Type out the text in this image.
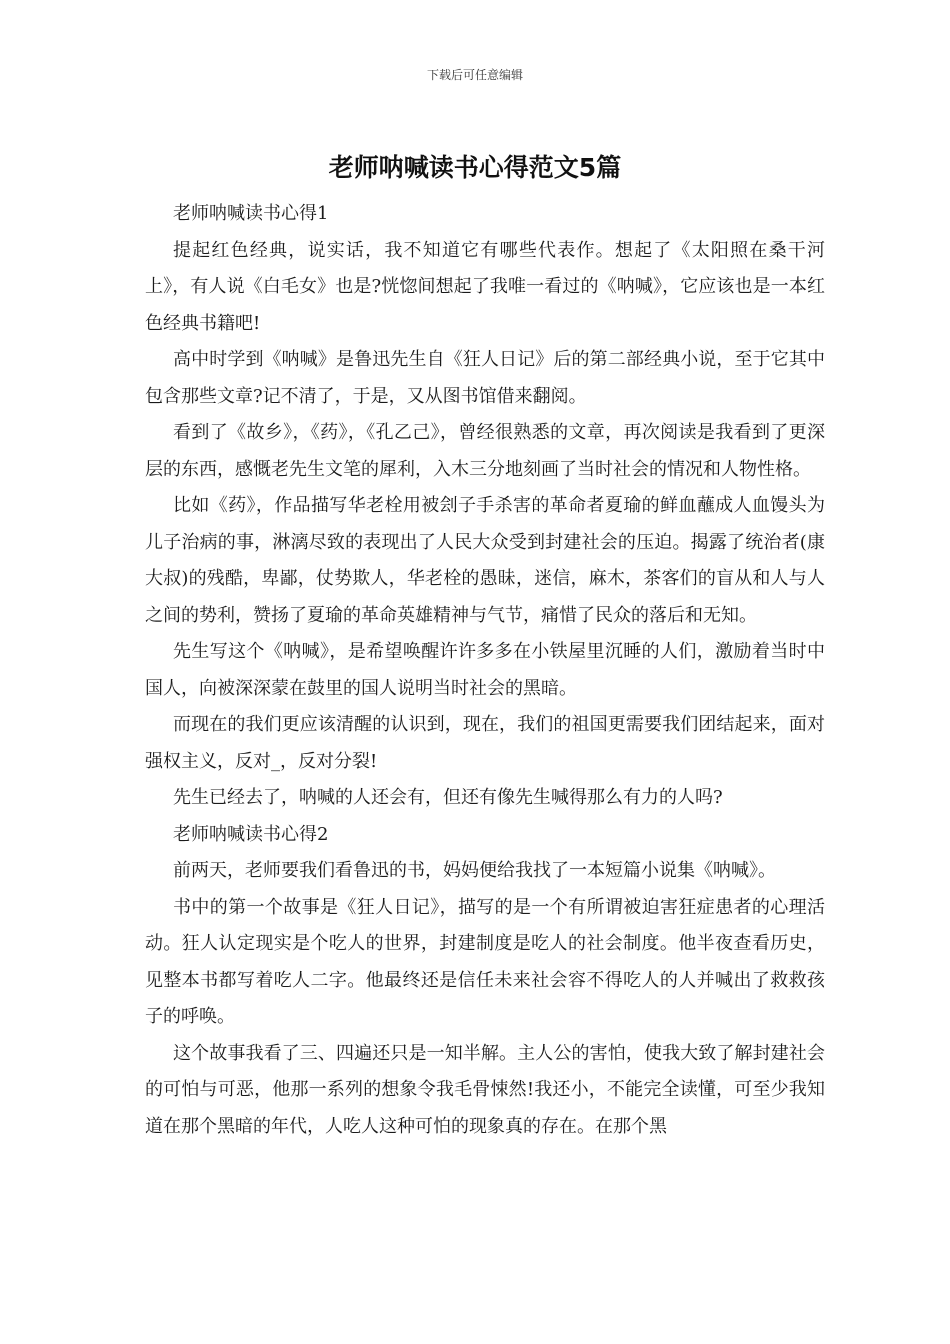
下载后可任意编辑
老师呐喊读书心得范文5篇

老师呐喊读书心得1

提起红色经典，说实话，我不知道它有哪些代表作。想起了《太阳照在桑干河上》，有人说《白毛女》也是?恍惚间想起了我唯一看过的《呐喊》，它应该也是一本红色经典书籍吧!

高中时学到《呐喊》是鲁迅先生自《狂人日记》后的第二部经典小说，至于它其中包含那些文章?记不清了，于是，又从图书馆借来翻阅。

看到了《故乡》，《药》，《孔乙己》，曾经很熟悉的文章，再次阅读是我看到了更深层的东西，感慨老先生文笔的犀利，入木三分地刻画了当时社会的情况和人物性格。

比如《药》，作品描写华老栓用被刽子手杀害的革命者夏瑜的鲜血蘸成人血馒头为儿子治病的事，淋漓尽致的表现出了人民大众受到封建社会的压迫。揭露了统治者(康大叔)的残酷，卑鄙，仗势欺人，华老栓的愚昧，迷信，麻木，茶客们的盲从和人与人之间的势利，赞扬了夏瑜的革命英雄精神与气节，痛惜了民众的落后和无知。

先生写这个《呐喊》，是希望唤醒许许多多在小铁屋里沉睡的人们，激励着当时中国人，向被深深蒙在鼓里的国人说明当时社会的黑暗。

而现在的我们更应该清醒的认识到，现在，我们的祖国更需要我们团结起来，面对强权主义，反对_，反对分裂!

先生已经去了，呐喊的人还会有，但还有像先生喊得那么有力的人吗?

老师呐喊读书心得2

前两天，老师要我们看鲁迅的书，妈妈便给我找了一本短篇小说集《呐喊》。

书中的第一个故事是《狂人日记》，描写的是一个有所谓被迫害狂症患者的心理活动。狂人认定现实是个吃人的世界，封建制度是吃人的社会制度。他半夜查看历史，见整本书都写着吃人二字。他最终还是信任未来社会容不得吃人的人并喊出了救救孩子的呼唤。

这个故事我看了三、四遍还只是一知半解。主人公的害怕，使我大致了解封建社会的可怕与可恶，他那一系列的想象令我毛骨悚然!我还小，不能完全读懂，可至少我知道在那个黑暗的年代，人吃人这种可怕的现象真的存在。在那个黑
